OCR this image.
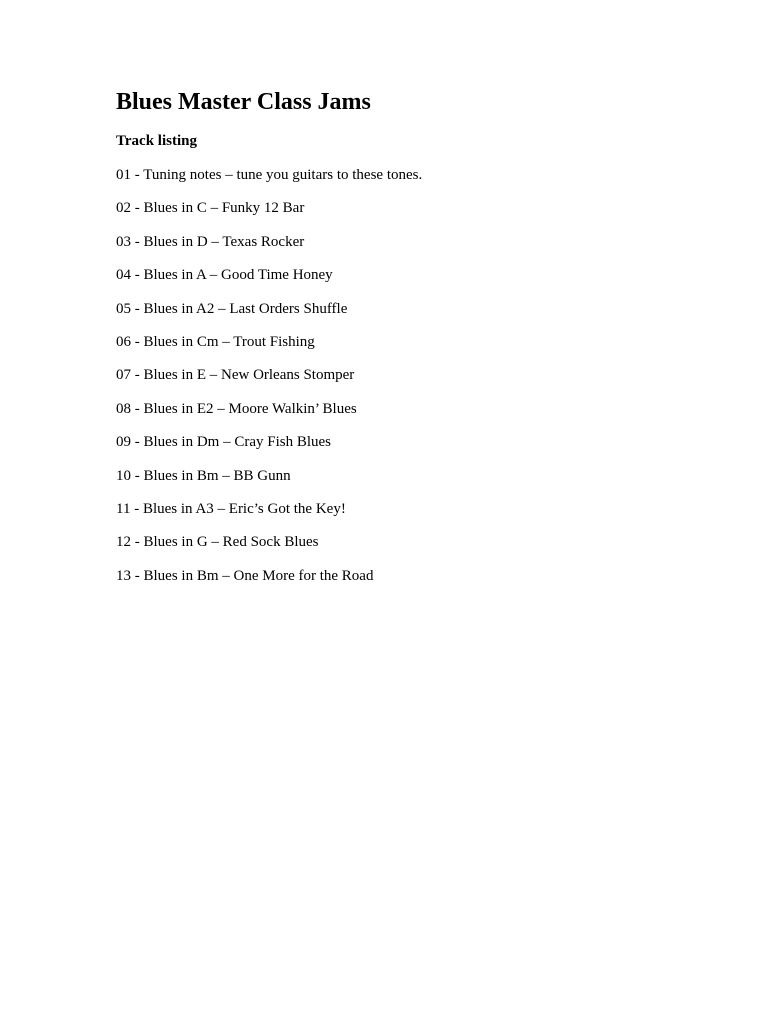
Blues Master Class Jams
Track listing
01 - Tuning notes – tune you guitars to these tones.
02 - Blues in C – Funky 12 Bar
03 - Blues in D – Texas Rocker
04 - Blues in A – Good Time Honey
05 - Blues in A2 – Last Orders Shuffle
06 - Blues in Cm – Trout Fishing
07 - Blues in E – New Orleans Stomper
08 - Blues in E2 – Moore Walkin’ Blues
09 - Blues in Dm – Cray Fish Blues
10 - Blues in Bm – BB Gunn
11 - Blues in A3 – Eric’s Got the Key!
12 - Blues in G – Red Sock Blues
13 - Blues in Bm – One More for the Road
